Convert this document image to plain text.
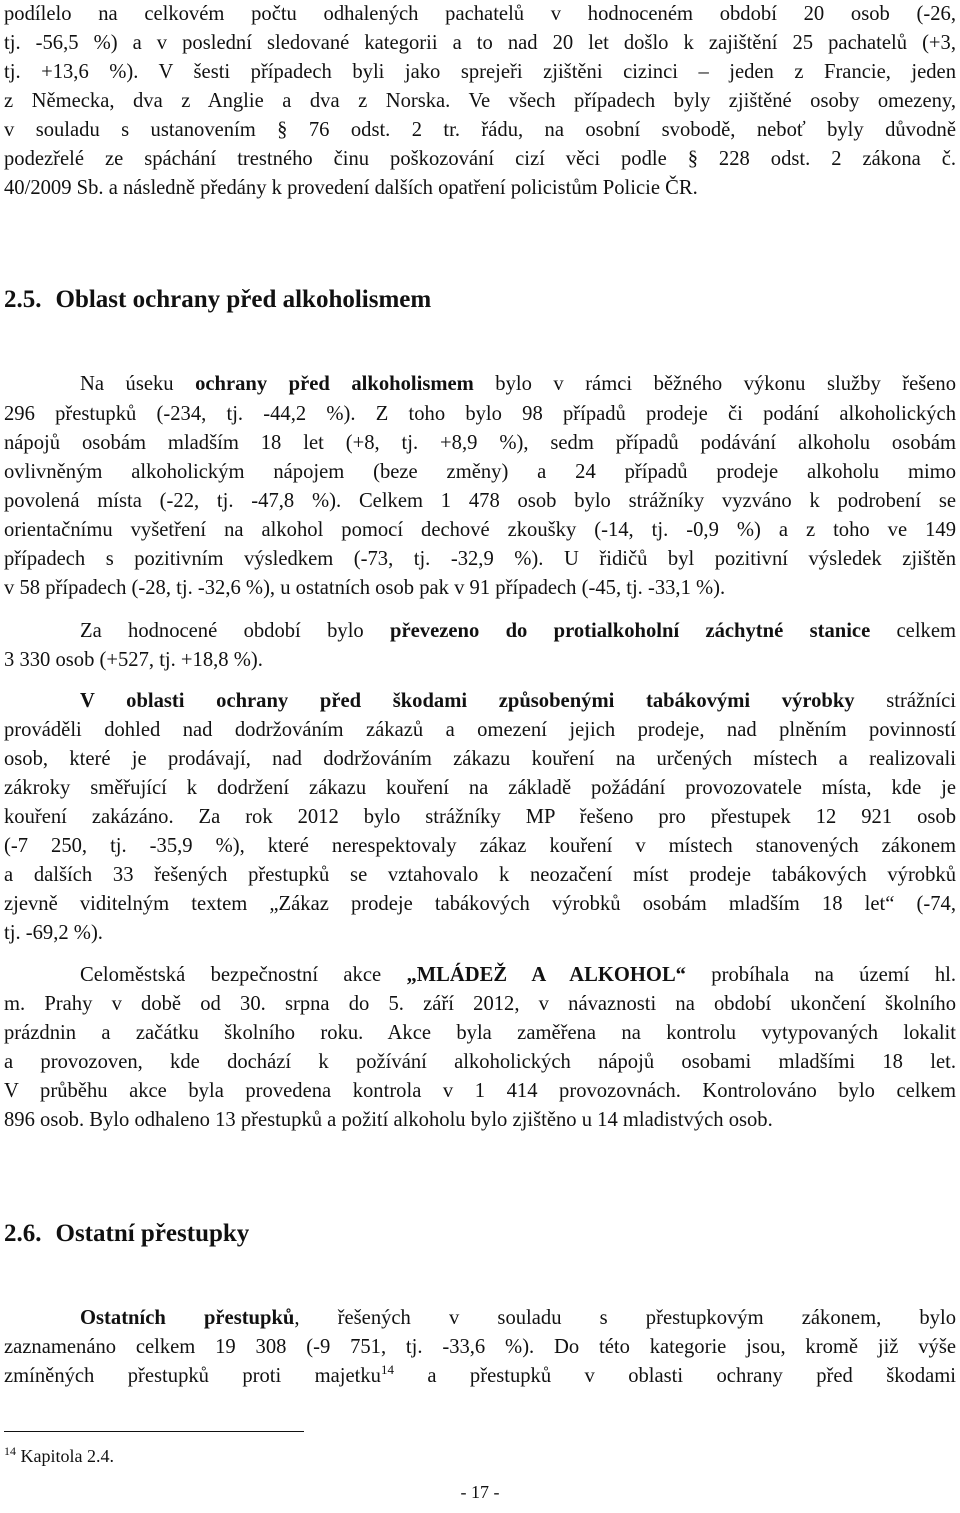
podílelo na celkovém počtu odhalených pachatelů v hodnoceném období 20 osob (-26,
tj. -56,5 %) a v poslední sledované kategorii a to nad 20 let došlo k zajištění 25 pachatelů (+3,
tj. +13,6 %). V šesti případech byli jako sprejeři zjištěni cizinci – jeden z Francie, jeden
z Německa, dva z Anglie a dva z Norska. Ve všech případech byly zjištěné osoby omezeny,
v souladu s ustanovením § 76 odst. 2 tr. řádu, na osobní svobodě, neboť byly důvodně
podezřelé ze spáchání trestného činu poškozování cizí věci podle § 228 odst. 2 zákona č.
40/2009 Sb. a následně předány k provedení dalších opatření policistům Policie ČR.
2.5. Oblast ochrany před alkoholismem
Na úseku ochrany před alkoholismem bylo v rámci běžného výkonu služby řešeno
296 přestupků (-234, tj. -44,2 %). Z toho bylo 98 případů prodeje či podání alkoholických
nápojů osobám mladším 18 let (+8, tj. +8,9 %), sedm případů podávání alkoholu osobám
ovlivněným alkoholickým nápojem (beze změny) a 24 případů prodeje alkoholu mimo
povolená místa (-22, tj. -47,8 %). Celkem 1 478 osob bylo strážníky vyzváno k podrobení se
orientačnímu vyšetření na alkohol pomocí dechové zkoušky (-14, tj. -0,9 %) a z toho ve 149
případech s pozitivním výsledkem (-73, tj. -32,9 %). U řidičů byl pozitivní výsledek zjištěn
v 58 případech (-28, tj. -32,6 %), u ostatních osob pak v 91 případech (-45, tj. -33,1 %).
Za hodnocené období bylo převezeno do protialkoholní záchytné stanice celkem
3 330 osob (+527, tj. +18,8 %).
V oblasti ochrany před škodami způsobenými tabákovými výrobky strážníci
prováděli dohled nad dodržováním zákazů a omezení jejich prodeje, nad plněním povinností
osob, které je prodávají, nad dodržováním zákazu kouření na určených místech a realizovali
zákroky směřující k dodržení zákazu kouření na základě požádání provozovatele místa, kde je
kouření zakázáno. Za rok 2012 bylo strážníky MP řešeno pro přestupek 12 921 osob
(-7 250, tj. -35,9 %), které nerespektovaly zákaz kouření v místech stanovených zákonem
a dalších 33 řešených přestupků se vztahovalo k neozačení míst prodeje tabákových výrobků
zjevně viditelným textem „Zákaz prodeje tabákových výrobků osobám mladším 18 let“ (-74,
tj. -69,2 %).
Celoměstská bezpečnostní akce „MLÁDEŽ A ALKOHOL“ probíhala na území hl.
m. Prahy v době od 30. srpna do 5. září 2012, v návaznosti na období ukončení školního
prázdnin a začátku školního roku. Akce byla zaměřena na kontrolu vytypovaných lokalit
a provozoven, kde dochází k požívání alkoholických nápojů osobami mladšími 18 let.
V průběhu akce byla provedena kontrola v 1 414 provozovnách. Kontrolováno bylo celkem
896 osob. Bylo odhaleno 13 přestupků a požití alkoholu bylo zjištěno u 14 mladistvých osob.
2.6. Ostatní přestupky
Ostatních přestupků, řešených v souladu s přestupkovým zákonem, bylo
zaznamenáno celkem 19 308 (-9 751, tj. -33,6 %). Do této kategorie jsou, kromě již výše
zmíněných přestupků proti majetku$^{14}$ a přestupků v oblasti ochrany před škodami
$^{14}$ Kapitola 2.4.
- 17 -
